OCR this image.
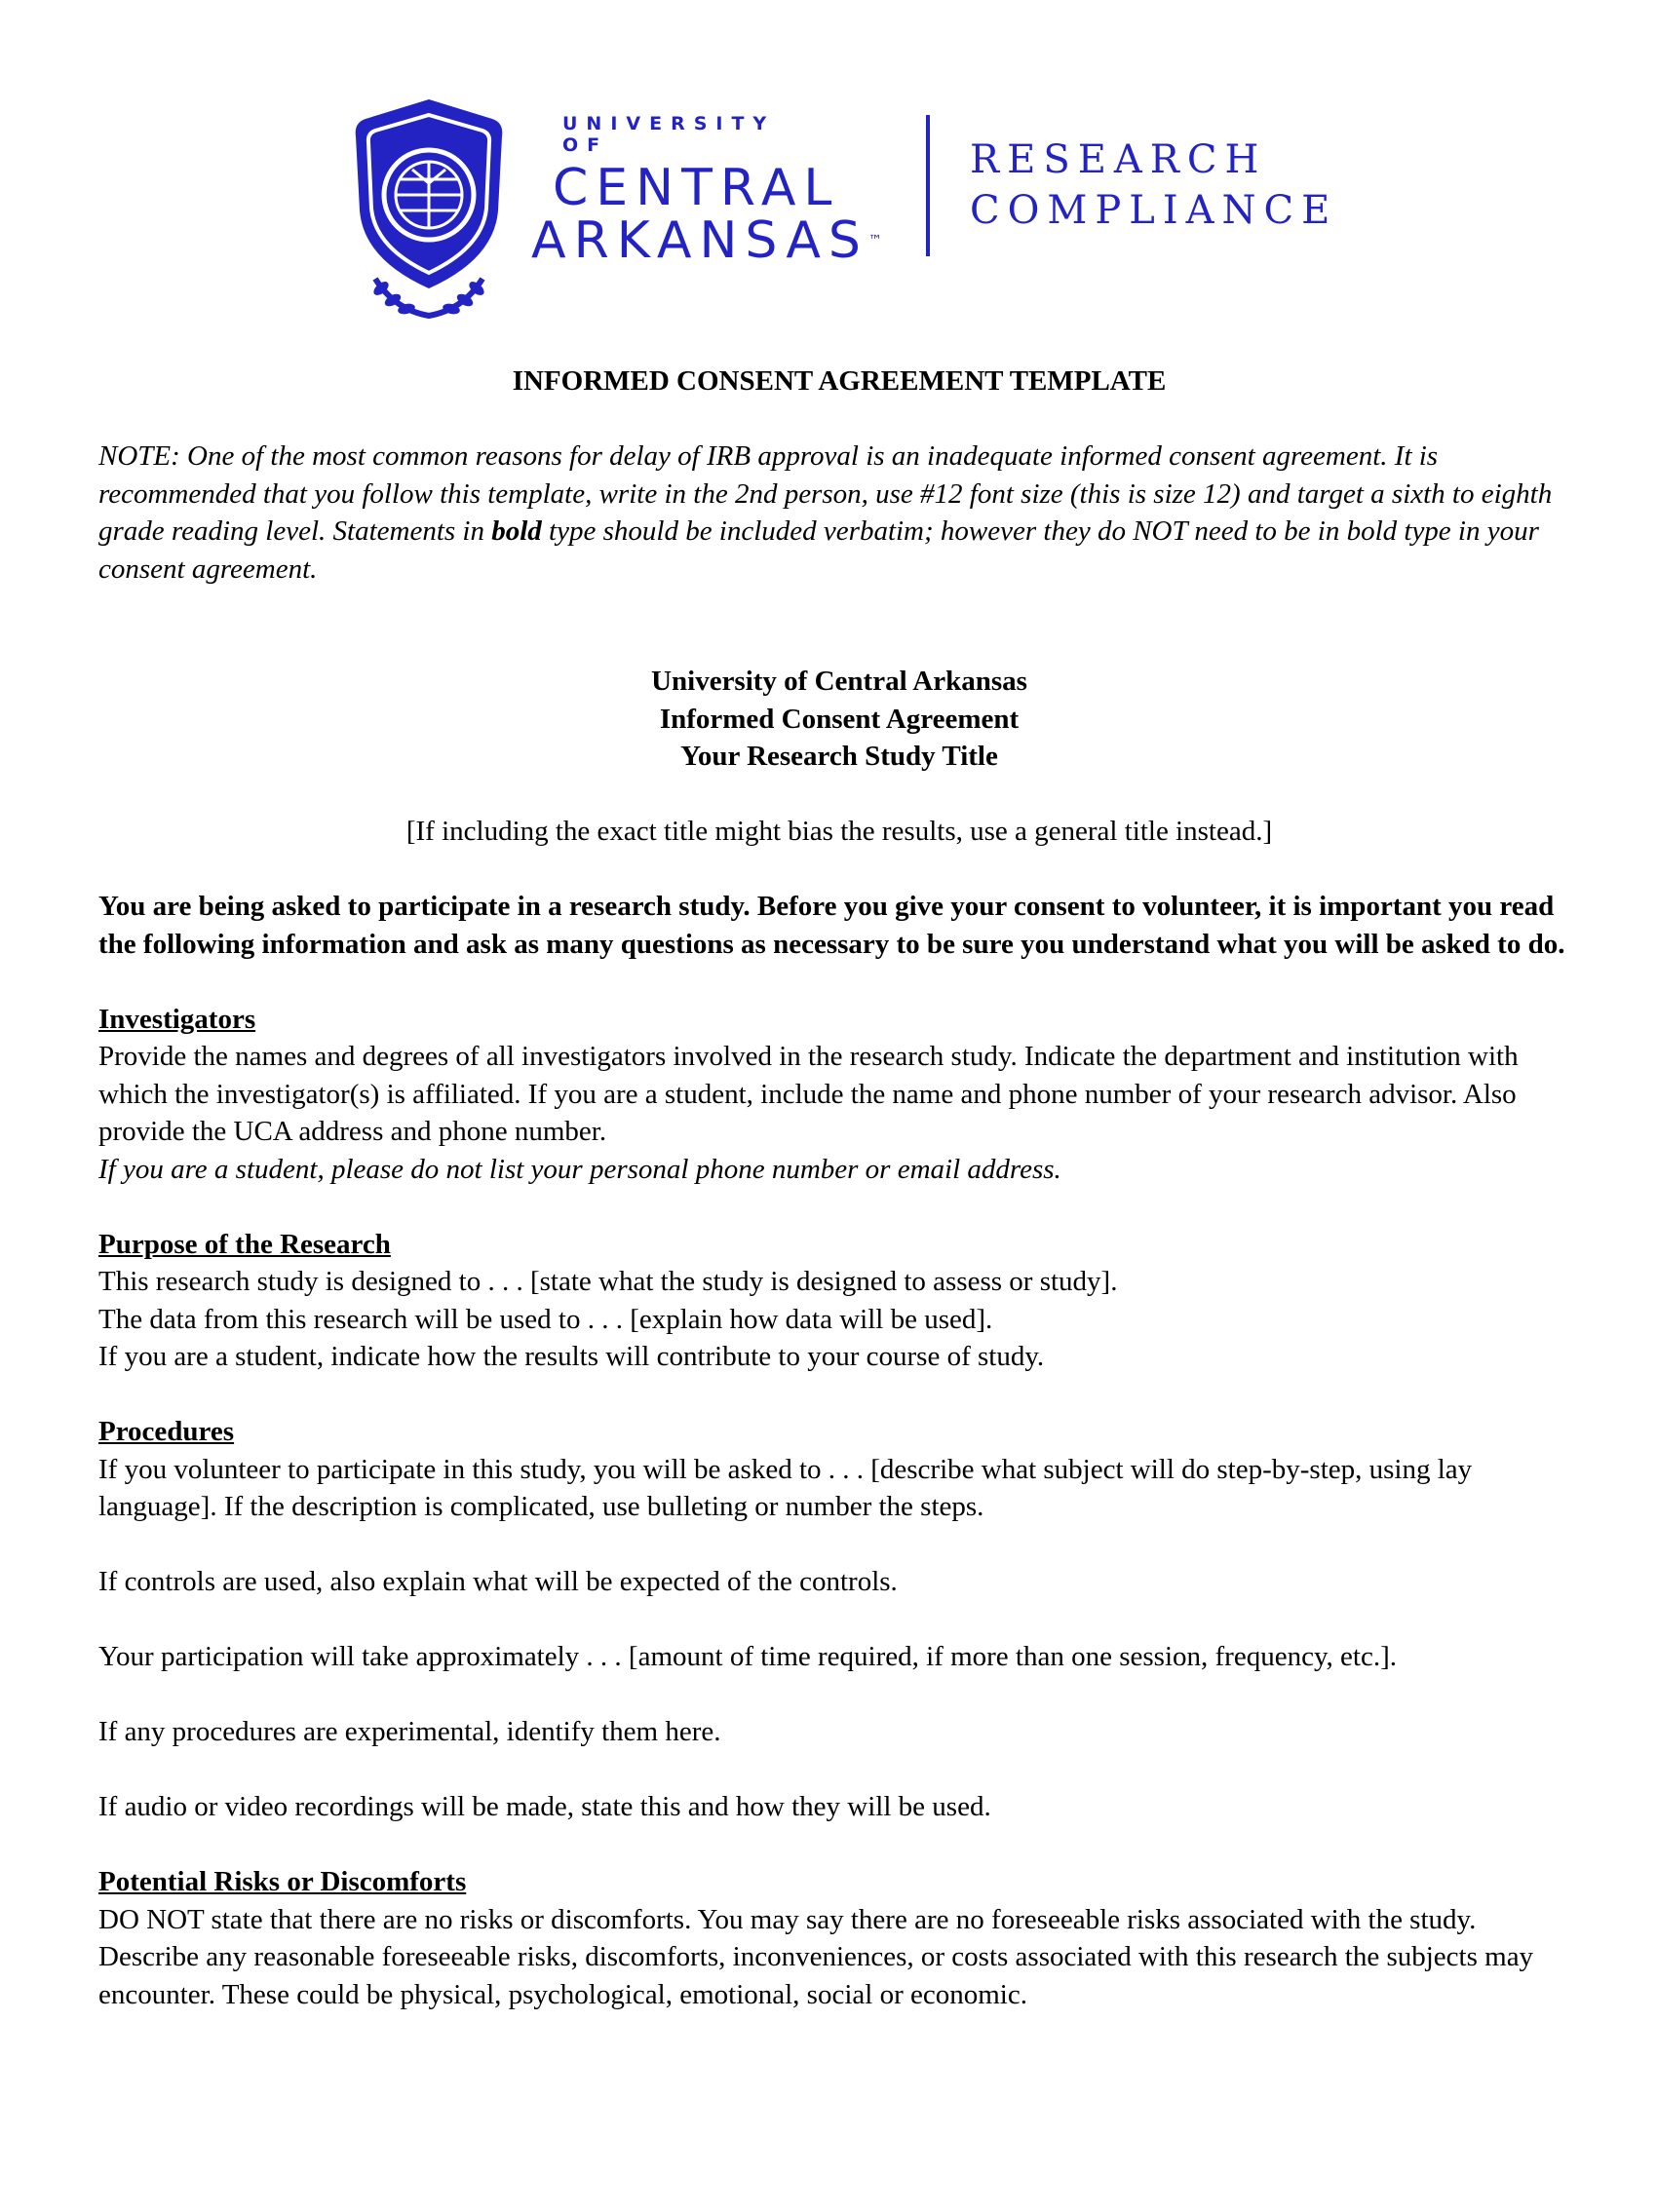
UNIVERSITY OF
CENTRAL
ARKANSAS™
RESEARCH
COMPLIANCE

INFORMED CONSENT AGREEMENT TEMPLATE

NOTE: One of the most common reasons for delay of IRB approval is an inadequate informed consent agreement. It is recommended that you follow this template, write in the 2nd person, use #12 font size (this is size 12) and target a sixth to eighth grade reading level. Statements in bold type should be included verbatim; however they do NOT need to be in bold type in your consent agreement.

University of Central Arkansas

Informed Consent Agreement

Your Research Study Title

[If including the exact title might bias the results, use a general title instead.]

You are being asked to participate in a research study. Before you give your consent to volunteer, it is important you read the following information and ask as many questions as necessary to be sure you understand what you will be asked to do.

Investigators

Provide the names and degrees of all investigators involved in the research study. Indicate the department and institution with which the investigator(s) is affiliated. If you are a student, include the name and phone number of your research advisor. Also provide the UCA address and phone number.

If you are a student, please do not list your personal phone number or email address.

Purpose of the Research

This research study is designed to . . . [state what the study is designed to assess or study].

The data from this research will be used to . . . [explain how data will be used].

If you are a student, indicate how the results will contribute to your course of study.

Procedures

If you volunteer to participate in this study, you will be asked to . . . [describe what subject will do step-by-step, using lay language]. If the description is complicated, use bulleting or number the steps.

If controls are used, also explain what will be expected of the controls.

Your participation will take approximately . . . [amount of time required, if more than one session, frequency, etc.].

If any procedures are experimental, identify them here.

If audio or video recordings will be made, state this and how they will be used.

Potential Risks or Discomforts

DO NOT state that there are no risks or discomforts. You may say there are no foreseeable risks associated with the study. Describe any reasonable foreseeable risks, discomforts, inconveniences, or costs associated with this research the subjects may encounter. These could be physical, psychological, emotional, social or economic.
